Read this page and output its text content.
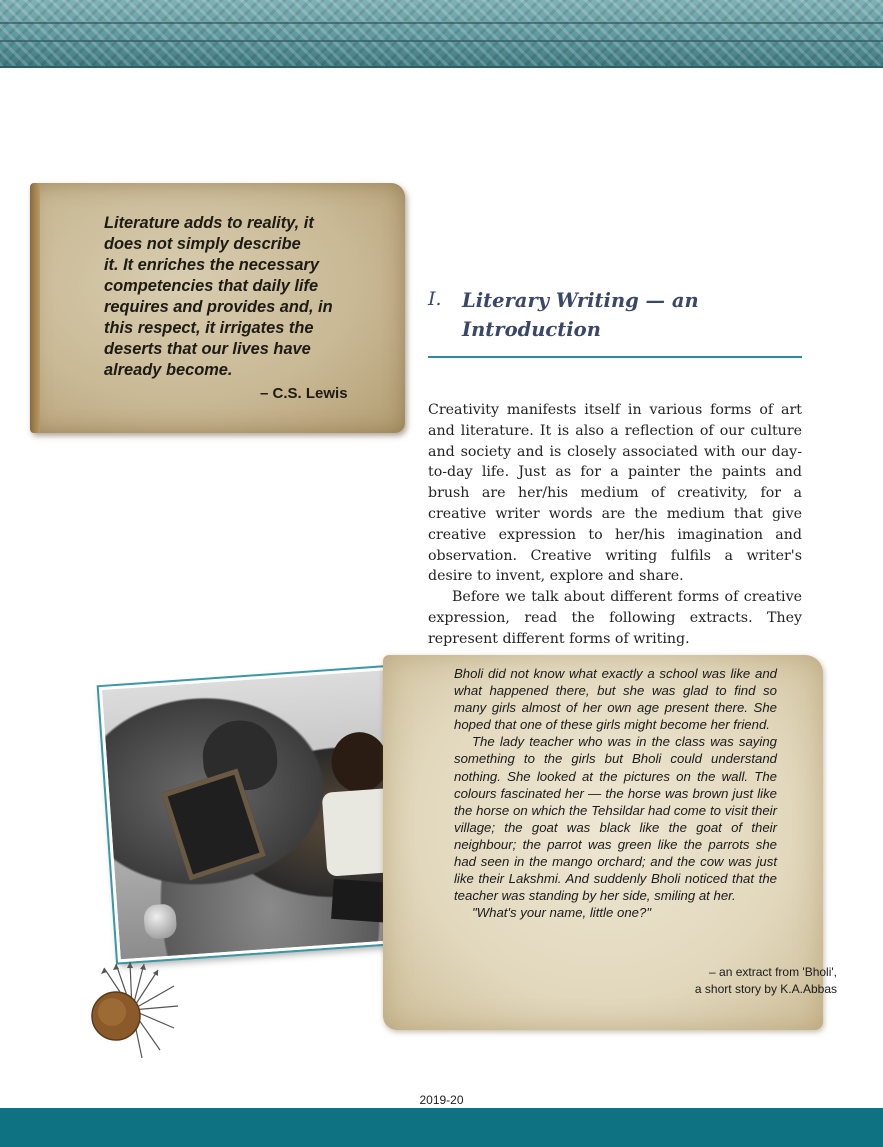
Literature adds to reality, it
does not simply describe
it. It enriches the necessary
competencies that daily life
requires and provides and, in
this respect, it irrigates the
deserts that our lives have
already become.
– C.S. Lewis
I. Literary Writing — an
Introduction

Creativity manifests itself in various forms of art and literature. It is also a reflection of our culture and society and is closely associated with our day-to-day life. Just as for a painter the paints and brush are her/his medium of creativity, for a creative writer words are the medium that give creative expression to her/his imagination and observation. Creative writing fulfils a writer's desire to invent, explore and share.

Before we talk about different forms of creative expression, read the following extracts. They represent different forms of writing.

Bholi did not know what exactly a school was like and what happened there, but she was glad to find so many girls almost of her own age present there. She hoped that one of these girls might become her friend.

The lady teacher who was in the class was saying something to the girls but Bholi could understand nothing. She looked at the pictures on the wall. The colours fascinated her — the horse was brown just like the horse on which the Tehsildar had come to visit their village; the goat was black like the goat of their neighbour; the parrot was green like the parrots she had seen in the mango orchard; and the cow was just like their Lakshmi. And suddenly Bholi noticed that the teacher was standing by her side, smiling at her.

"What's your name, little one?"

– an extract from 'Bholi',
a short story by K.A.Abbas
2019-20
